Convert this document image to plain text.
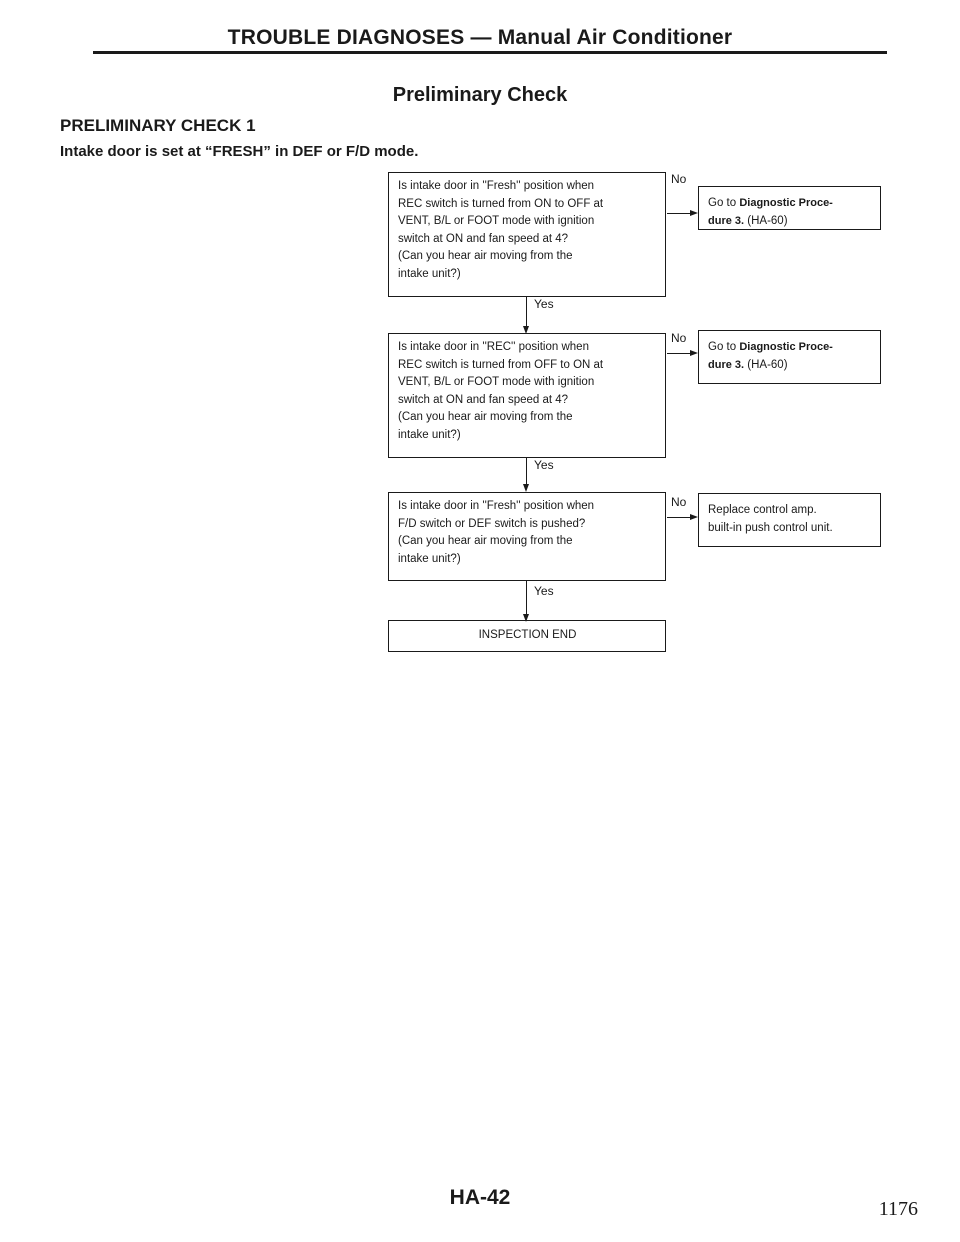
TROUBLE DIAGNOSES — Manual Air Conditioner
Preliminary Check
PRELIMINARY CHECK 1
Intake door is set at “FRESH” in DEF or F/D mode.
Is intake door in ''Fresh'' position when
REC switch is turned from ON to OFF at
VENT, B/L or FOOT mode with ignition
switch at ON and fan speed at 4?
(Can you hear air moving from the
intake unit?)
No
Go to Diagnostic Proce-
dure 3. (HA-60)
Yes
Is intake door in ''REC'' position when
REC switch is turned from OFF to ON at
VENT, B/L or FOOT mode with ignition
switch at ON and fan speed at 4?
(Can you hear air moving from the
intake unit?)
No
Go to Diagnostic Proce-
dure 3. (HA-60)
Yes
Is intake door in ''Fresh'' position when
F/D switch or DEF switch is pushed?
(Can you hear air moving from the
intake unit?)
No
Replace control amp.
built-in push control unit.
Yes
INSPECTION END
HA-42	1176
